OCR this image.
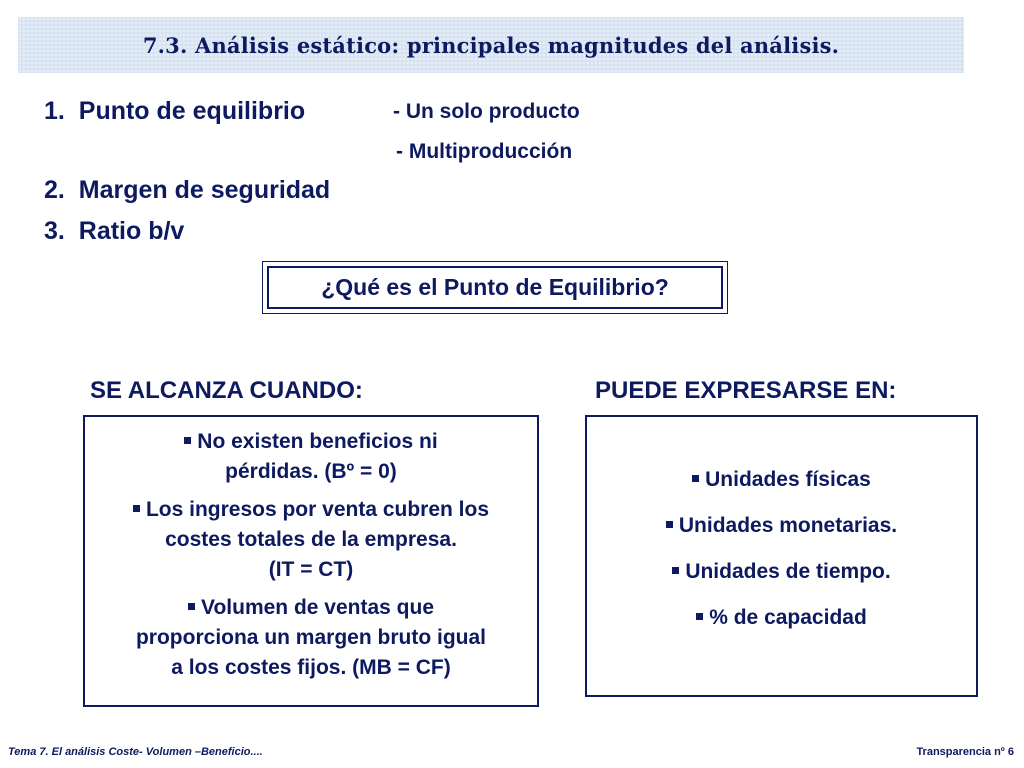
7.3. Análisis estático: principales magnitudes del análisis.
1. Punto de equilibrio	- Un solo producto
- Multiproducción
2. Margen de seguridad
3. Ratio b/v
¿Qué es el Punto de Equilibrio?
SE ALCANZA CUANDO:	PUEDE EXPRESARSE EN:
No existen beneficios ni
pérdidas. (Bº = 0)
Los ingresos por venta cubren los
costes totales de la empresa.
(IT = CT)
Volumen de ventas que
proporciona un margen bruto igual
a los costes fijos. (MB = CF)
Unidades físicas
Unidades monetarias.
Unidades de tiempo.
% de capacidad
Tema 7. El análisis Coste- Volumen –Beneficio....	Transparencia nº 6
